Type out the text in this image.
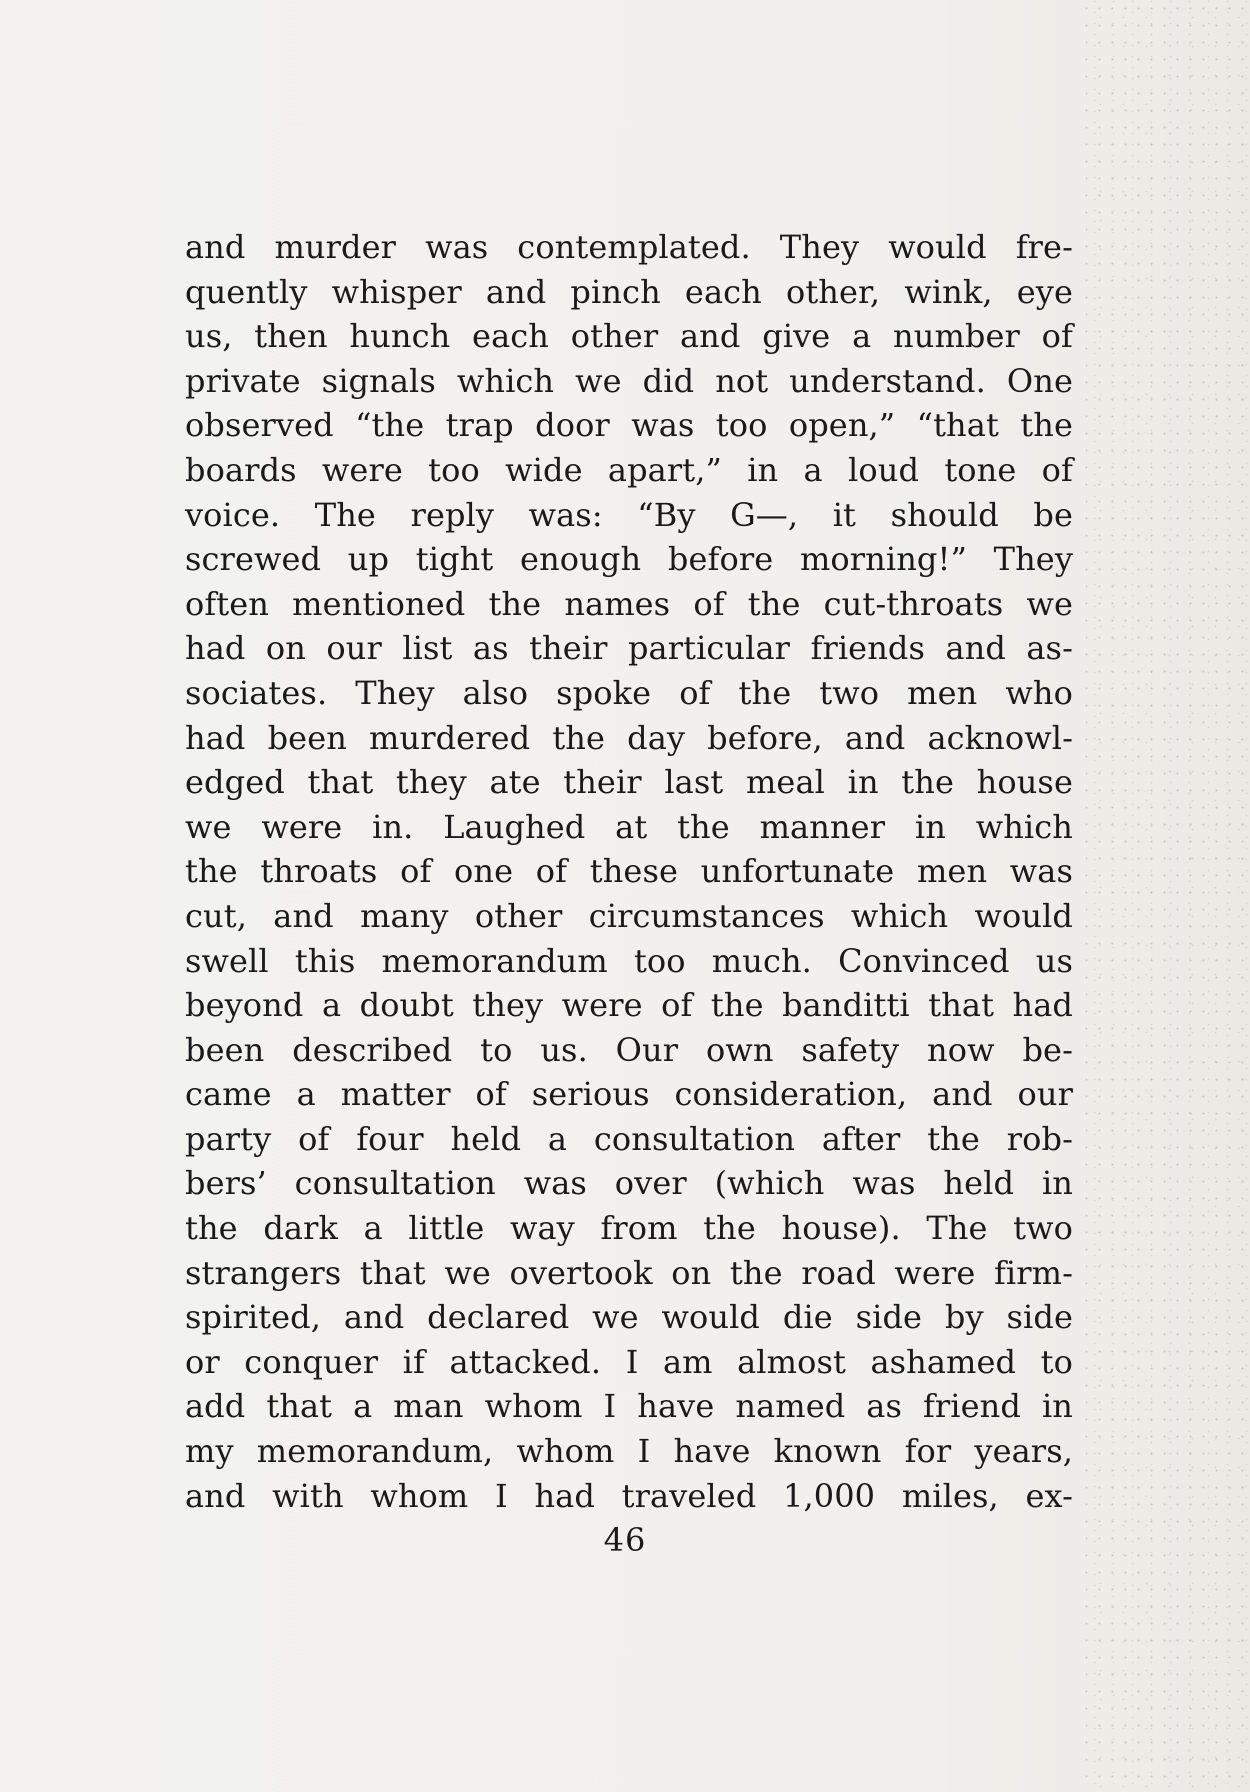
and murder was contemplated. They would fre-
quently whisper and pinch each other, wink, eye
us, then hunch each other and give a number of
private signals which we did not understand. One
observed “the trap door was too open,” “that the
boards were too wide apart,” in a loud tone of
voice. The reply was: “By G—, it should be
screwed up tight enough before morning!” They
often mentioned the names of the cut-throats we
had on our list as their particular friends and as-
sociates. They also spoke of the two men who
had been murdered the day before, and acknowl-
edged that they ate their last meal in the house
we were in. Laughed at the manner in which
the throats of one of these unfortunate men was
cut, and many other circumstances which would
swell this memorandum too much. Convinced us
beyond a doubt they were of the banditti that had
been described to us. Our own safety now be-
came a matter of serious consideration, and our
party of four held a consultation after the rob-
bers’ consultation was over (which was held in
the dark a little way from the house). The two
strangers that we overtook on the road were firm-
spirited, and declared we would die side by side
or conquer if attacked. I am almost ashamed to
add that a man whom I have named as friend in
my memorandum, whom I have known for years,
and with whom I had traveled 1,000 miles, ex-
46
